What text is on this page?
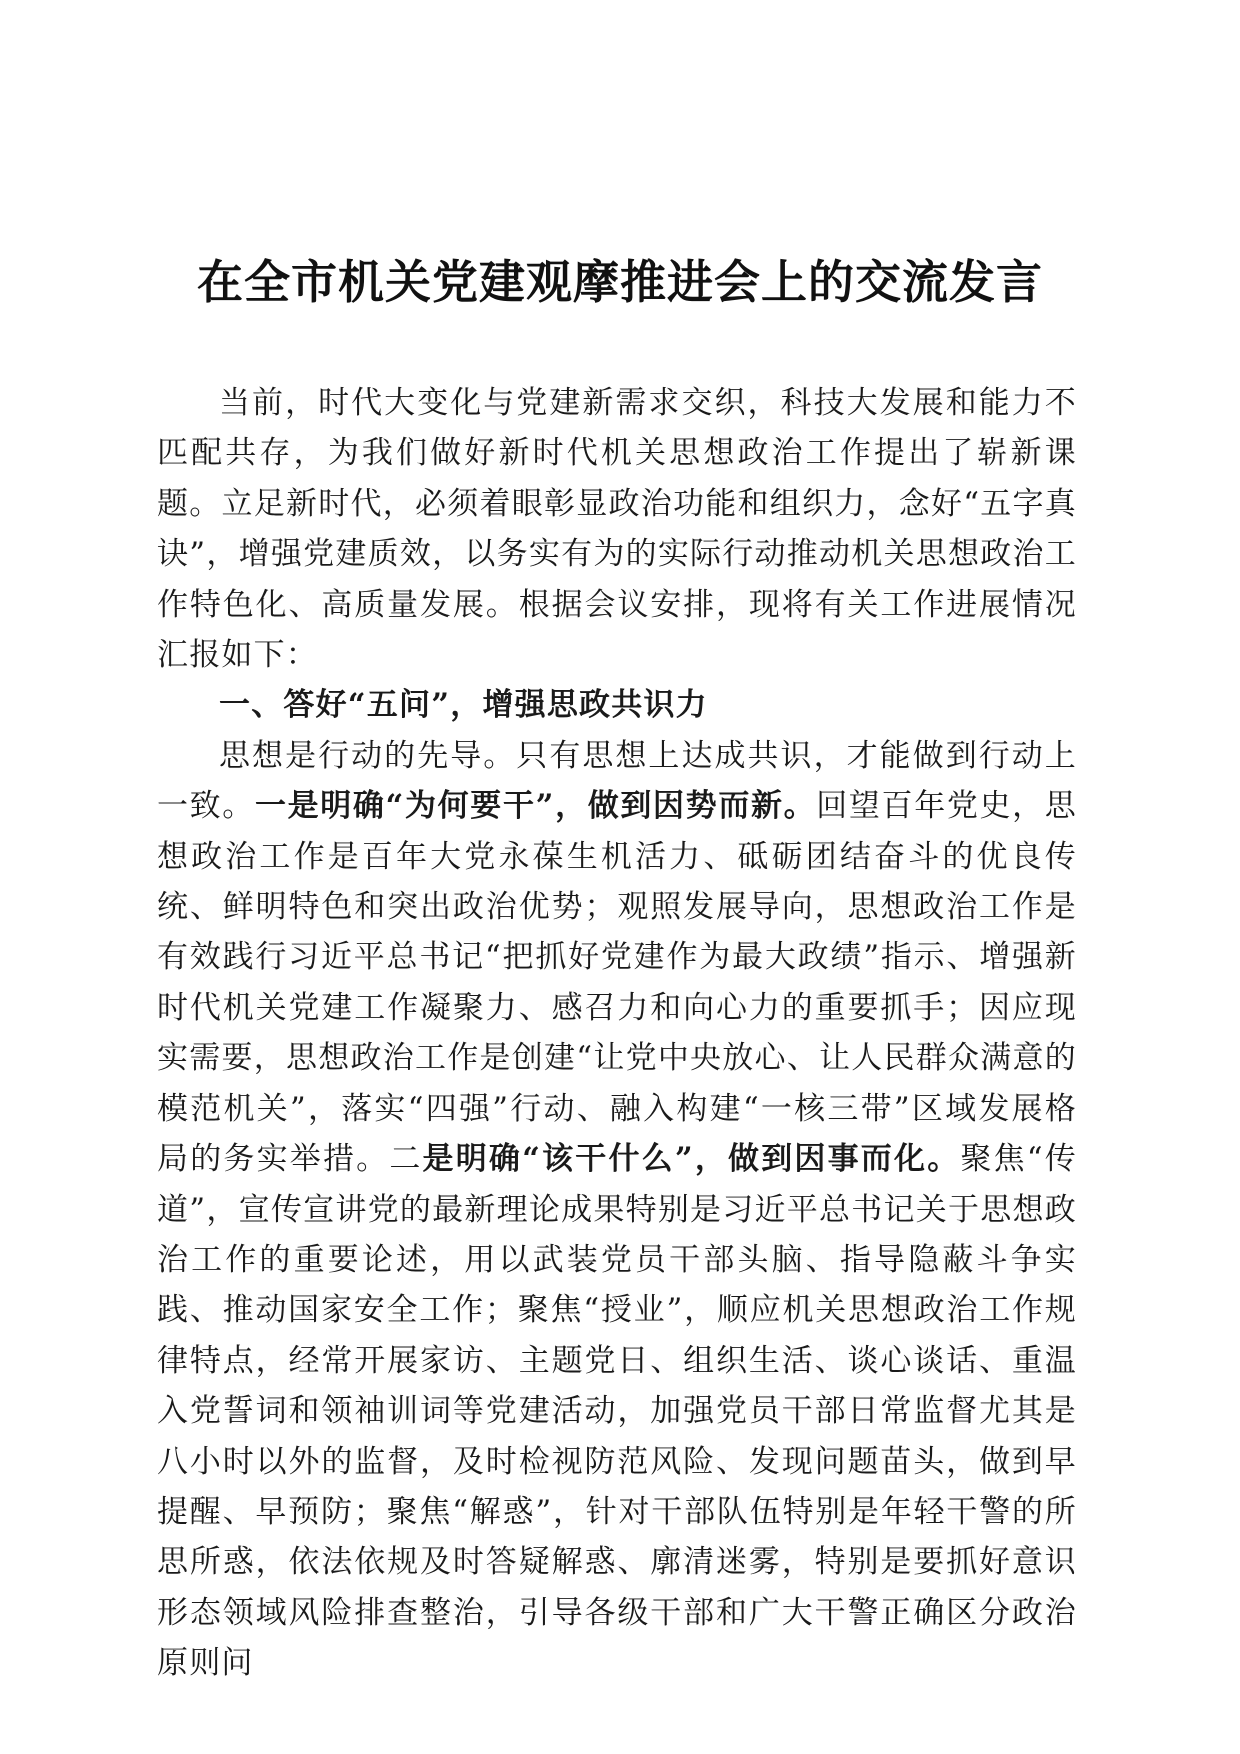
在全市机关党建观摩推进会上的交流发言

当前，时代大变化与党建新需求交织，科技大发展和能力不匹配共存，为我们做好新时代机关思想政治工作提出了崭新课题。立足新时代，必须着眼彰显政治功能和组织力，念好“五字真诀”，增强党建质效，以务实有为的实际行动推动机关思想政治工作特色化、高质量发展。根据会议安排，现将有关工作进展情况汇报如下：

一、答好“五问”，增强思政共识力

思想是行动的先导。只有思想上达成共识，才能做到行动上一致。一是明确“为何要干”，做到因势而新。回望百年党史，思想政治工作是百年大党永葆生机活力、砥砺团结奋斗的优良传统、鲜明特色和突出政治优势；观照发展导向，思想政治工作是有效践行习近平总书记“把抓好党建作为最大政绩”指示、增强新时代机关党建工作凝聚力、感召力和向心力的重要抓手；因应现实需要，思想政治工作是创建“让党中央放心、让人民群众满意的模范机关”，落实“四强”行动、融入构建“一核三带”区域发展格局的务实举措。二是明确“该干什么”，做到因事而化。聚焦“传道”，宣传宣讲党的最新理论成果特别是习近平总书记关于思想政治工作的重要论述，用以武装党员干部头脑、指导隐蔽斗争实践、推动国家安全工作；聚焦“授业”，顺应机关思想政治工作规律特点，经常开展家访、主题党日、组织生活、谈心谈话、重温入党誓词和领袖训词等党建活动，加强党员干部日常监督尤其是八小时以外的监督，及时检视防范风险、发现问题苗头，做到早提醒、早预防；聚焦“解惑”，针对干部队伍特别是年轻干警的所思所惑，依法依规及时答疑解惑、廓清迷雾，特别是要抓好意识形态领域风险排查整治，引导各级干部和广大干警正确区分政治原则问
